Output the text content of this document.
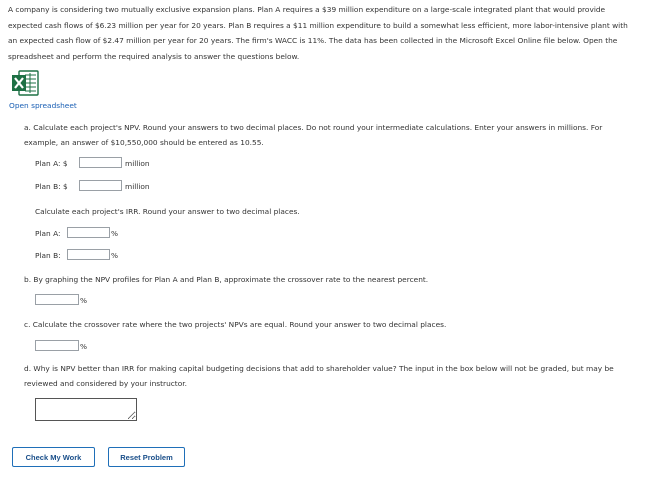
A company is considering two mutually exclusive expansion plans. Plan A requires a $39 million expenditure on a large-scale integrated plant that would provide expected cash flows of $6.23 million per year for 20 years. Plan B requires a $11 million expenditure to build a somewhat less efficient, more labor-intensive plant with an expected cash flow of $2.47 million per year for 20 years. The firm's WACC is 11%. The data has been collected in the Microsoft Excel Online file below. Open the spreadsheet and perform the required analysis to answer the questions below.
Open spreadsheet
a. Calculate each project's NPV. Round your answers to two decimal places. Do not round your intermediate calculations. Enter your answers in millions. For example, an answer of $10,550,000 should be entered as 10.55.
Plan A: $	million
Plan B: $	million
Calculate each project's IRR. Round your answer to two decimal places.
Plan A:	%
Plan B:	%
b. By graphing the NPV profiles for Plan A and Plan B, approximate the crossover rate to the nearest percent.
%
c. Calculate the crossover rate where the two projects' NPVs are equal. Round your answer to two decimal places.
%
d. Why is NPV better than IRR for making capital budgeting decisions that add to shareholder value? The input in the box below will not be graded, but may be reviewed and considered by your instructor.
Check My Work	Reset Problem
